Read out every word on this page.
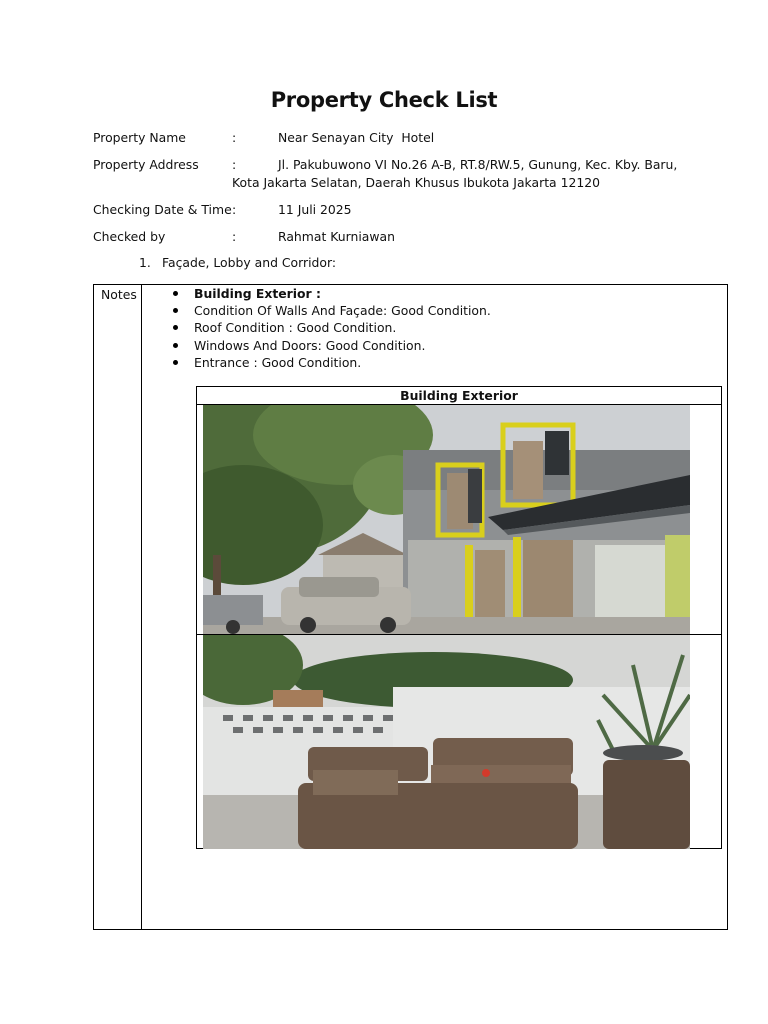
Property Check List
Property Name	:	Near Senayan City  Hotel
Property Address	:	Jl. Pakubuwono VI No.26 A-B, RT.8/RW.5, Gunung, Kec. Kby. Baru,
Kota Jakarta Selatan, Daerah Khusus Ibukota Jakarta 12120
Checking Date & Time :	11 Juli 2025
Checked by	:	Rahmat Kurniawan
1. Façade, Lobby and Corridor:
Notes	Building Exterior :
Condition Of Walls And Façade: Good Condition.
Roof Condition : Good Condition.
Windows And Doors: Good Condition.
Entrance : Good Condition.
Building Exterior
